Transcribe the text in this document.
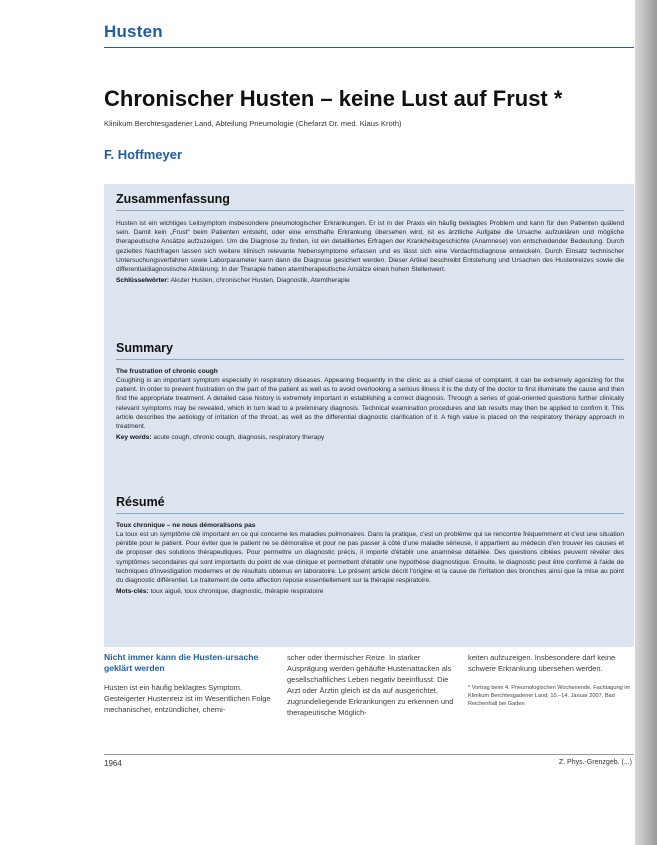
Husten
Chronischer Husten – keine Lust auf Frust *
Klinikum Berchtesgadener Land, Abteilung Pneumologie (Chefarzt Dr. med. Klaus Kroth)
F. Hoffmeyer
Zusammenfassung

Husten ist ein wichtiges Leitsymptom insbesondere pneumologischer Erkrankungen. Er ist in der Praxis ein häufig beklagtes Problem und kann für den Patienten quälend sein. Damit kein „Frust“ beim Patienten entsteht, oder eine ernsthafte Erkrankung übersehen wird, ist es ärztliche Aufgabe die Ursache aufzuklären und mögliche therapeutische Ansätze aufzuzeigen. Um die Diagnose zu finden, ist ein detailliertes Erfragen der Krankheitsgeschichte (Anamnese) von entscheidender Bedeutung. Durch gezieltes Nachfragen lassen sich weitere klinisch relevante Nebensymptome erfassen und es lässt sich eine Verdachtsdiagnose entwickeln. Durch Einsatz technischer Untersuchungsverfahren sowie Laborparameter kann dann die Diagnose gesichert werden. Dieser Artikel beschreibt Entstehung und Ursachen des Hustenreizes sowie die differentialdiagnostische Abklärung. In der Therapie haben atemtherapeutische Ansätze einen hohen Stellenwert.

Schlüsselwörter: Akuter Husten, chronischer Husten, Diagnostik, Atemtherapie
Summary
The frustration of chronic cough

Coughing is an important symptom especially in respiratory diseases. Appearing frequently in the clinic as a chief cause of complaint, it can be extremely agonizing for the patient. In order to prevent frustration on the part of the patient as well as to avoid overlooking a serious illness it is the duty of the doctor to first illuminate the cause and then find the appropriate treatment. A detailed case history is extremely important in establishing a correct diagnosis. Through a series of goal-oriented questions further clinically relevant symptoms may be revealed, which in turn lead to a preliminary diagnosis. Technical examination procedures and lab results may then be applied to confirm it. This article describes the aetiology of irritation of the throat, as well as the differential diagnostic clarification of it. A high value is placed on the respiratory therapy approach in treatment.

Key words: acute cough, chronic cough, diagnosis, respiratory therapy
Résumé
Toux chronique – ne nous démoralisons pas

La toux est un symptôme clé important en ce qui concerne les maladies pulmonaires. Dans la pratique, c'est un problème qui se rencontre fréquemment et c'est une situation pénible pour le patient. Pour éviter que le patient ne se démoralise et pour ne pas passer à côté d'une maladie sérieuse, il appartient au médecin d'en trouver les causes et de proposer des solutions thérapeutiques. Pour permettre un diagnostic précis, il importe d'établir une anamnèse détaillée. Des questions ciblées peuvent révéler des symptômes secondaires qui sont importants du point de vue clinique et permettent d'établir une hypothèse diagnostique. Ensuite, le diagnostic peut être confirmé à l'aide de techniques d'investigation modernes et de résultats obtenus en laboratoire. Le présent article décrit l'origine et la cause de l'irritation des bronches ainsi que la mise au point du diagnostic différentiel. Le traitement de cette affection repose essentiellement sur la thérapie respiratoire.

Mots-clés: toux aiguë, toux chronique, diagnostic, thérapie respiratoire
Nicht immer kann die Husten-ursache geklärt werden

Husten ist ein häufig beklagtes Symptom. Gesteigerter Hustenreiz ist im Wesentlichen Folge mechanischer, entzündlicher, chemi-

scher oder thermischer Reize. In starker Ausprägung werden gehäufte Hustenattacken als gesellschaftliches Leben negativ beeinflusst. Die Arzt oder Ärztin gleich ist da auf ausgerichtet, zugrundeliegende Erkrankungen zu erkennen und therapeutische Möglich-

keiten aufzuzeigen. Insbesondere darf keine schwere Erkrankung übersehen werden.

* Vortrag beim 4. Pneumologischen Wochenende, Fachtagung im Klinikum Berchtesgadener Land, 10.–14. Januar 2007, Bad Reichenhall bei Gaden
1964	Z. Phys.-Grenzgeb. (...)
